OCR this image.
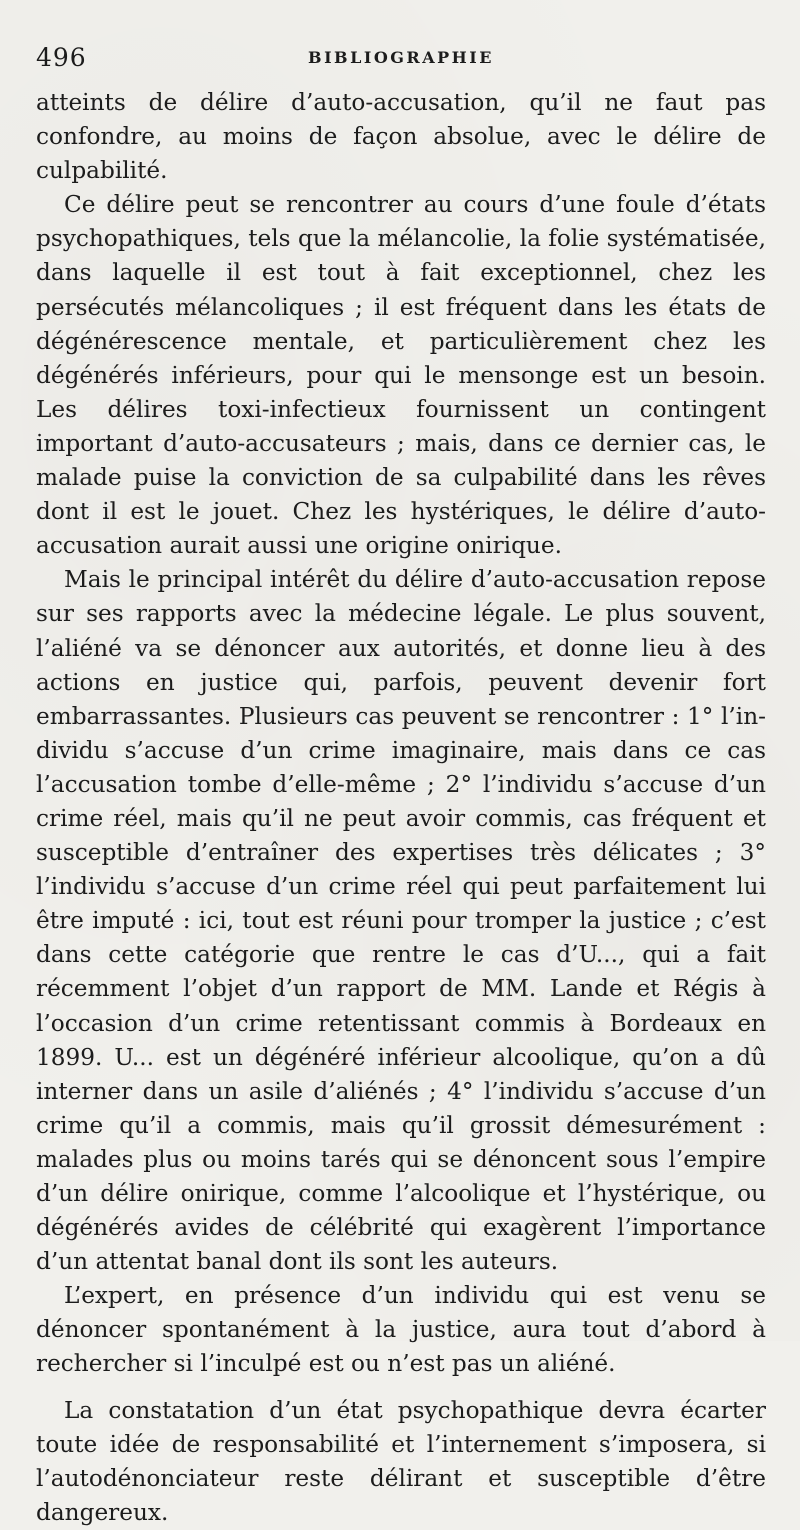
496	BIBLIOGRAPHIE

atteints de délire d’auto-accusation, qu’il ne faut pas confondre, au moins de façon absolue, avec le délire de culpabilité.

Ce délire peut se rencontrer au cours d’une foule d’états psychopathiques, tels que la mélancolie, la folie systématisée, dans laquelle il est tout à fait exceptionnel, chez les persécutés mélancoliques ; il est fréquent dans les états de dégénérescence mentale, et particulièrement chez les dégénérés inférieurs, pour qui le mensonge est un besoin. Les délires toxi-infectieux fournissent un contingent important d’auto-accusateurs ; mais, dans ce dernier cas, le malade puise la conviction de sa culpabilité dans les rêves dont il est le jouet. Chez les hystériques, le délire d’auto-accusation aurait aussi une origine onirique.

Mais le principal intérêt du délire d’auto-accusation repose sur ses rapports avec la médecine légale. Le plus souvent, l’aliéné va se dénoncer aux autorités, et donne lieu à des actions en justice qui, parfois, peuvent devenir fort embarrassantes. Plusieurs cas peuvent se rencontrer : 1° l’individu s’accuse d’un crime imaginaire, mais dans ce cas l’accusation tombe d’elle-même ; 2° l’individu s’accuse d’un crime réel, mais qu’il ne peut avoir commis, cas fréquent et susceptible d’entraîner des expertises très délicates ; 3° l’individu s’accuse d’un crime réel qui peut parfaitement lui être imputé : ici, tout est réuni pour tromper la justice ; c’est dans cette catégorie que rentre le cas d’U..., qui a fait récemment l’objet d’un rapport de MM. Lande et Régis à l’occasion d’un crime retentissant commis à Bordeaux en 1899. U... est un dégénéré inférieur alcoolique, qu’on a dû interner dans un asile d’aliénés ; 4° l’individu s’accuse d’un crime qu’il a commis, mais qu’il grossit démesurément : malades plus ou moins tarés qui se dénoncent sous l’empire d’un délire onirique, comme l’alcoolique et l’hystérique, ou dégénérés avides de célébrité qui exagèrent l’importance d’un attentat banal dont ils sont les auteurs.

L’expert, en présence d’un individu qui est venu se dénoncer spontanément à la justice, aura tout d’abord à rechercher si l’inculpé est ou n’est pas un aliéné.

La constatation d’un état psychopathique devra écarter toute idée de responsabilité et l’internement s’imposera, si l’autodénonciateur reste délirant et susceptible d’être dangereux.
